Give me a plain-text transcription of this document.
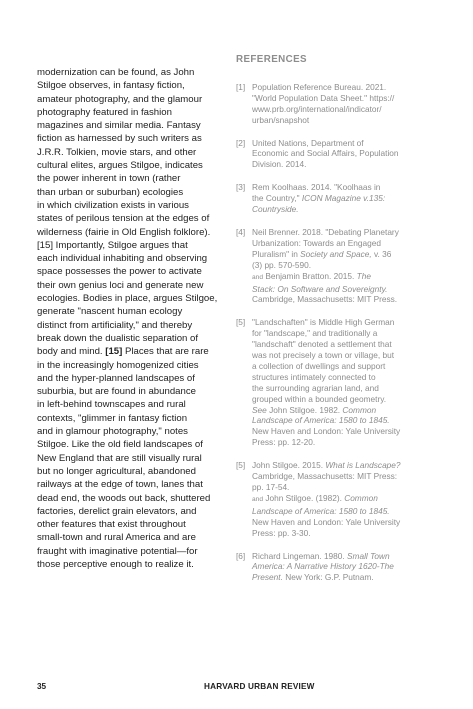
modernization can be found, as John
Stilgoe observes, in fantasy fiction,
amateur photography, and the glamour
photography featured in fashion
magazines and similar media. Fantasy
fiction as harnessed by such writers as
J.R.R. Tolkien, movie stars, and other
cultural elites, argues Stilgoe, indicates
the power inherent in town (rather
than urban or suburban) ecologies
in which civilization exists in various
states of perilous tension at the edges of
wilderness (fairie in Old English folklore).
[15] Importantly, Stilgoe argues that
each individual inhabiting and observing
space possesses the power to activate
their own genius loci and generate new
ecologies. Bodies in place, argues Stilgoe,
generate "nascent human ecology
distinct from artificiality," and thereby
break down the dualistic separation of
body and mind. [15] Places that are rare
in the increasingly homogenized cities
and the hyper-planned landscapes of
suburbia, but are found in abundance
in left-behind townscapes and rural
contexts, "glimmer in fantasy fiction
and in glamour photography," notes
Stilgoe. Like the old field landscapes of
New England that are still visually rural
but no longer agricultural, abandoned
railways at the edge of town, lanes that
dead end, the woods out back, shuttered
factories, derelict grain elevators, and
other features that exist throughout
small-town and rural America and are
fraught with imaginative potential—for
those perceptive enough to realize it.
REFERENCES
[1] Population Reference Bureau. 2021.
"World Population Data Sheet." https://
www.prb.org/international/indicator/
urban/snapshot
[2] United Nations, Department of
Economic and Social Affairs, Population
Division. 2014.
[3] Rem Koolhaas. 2014. "Koolhaas in
the Country," ICON Magazine v.135:
Countryside.
[4] Neil Brenner. 2018. "Debating Planetary
Urbanization: Towards an Engaged
Pluralism" in Society and Space, v. 36
(3) pp. 570-590.
and Benjamin Bratton. 2015. The
Stack: On Software and Sovereignty.
Cambridge, Massachusetts: MIT Press.
[5] "Landschaften" is Middle High German
for "landscape," and traditionally a
"landschaft" denoted a settlement that
was not precisely a town or village, but
a collection of dwellings and support
structures intimately connected to
the surrounding agrarian land, and
grouped within a bounded geometry.
See John Stilgoe. 1982. Common
Landscape of America: 1580 to 1845.
New Haven and London: Yale University
Press: pp. 12-20.
[5] John Stilgoe. 2015. What is Landscape?
Cambridge, Massachusetts: MIT Press:
pp. 17-54.
and John Stilgoe. (1982). Common
Landscape of America: 1580 to 1845.
New Haven and London: Yale University
Press: pp. 3-30.
[6] Richard Lingeman. 1980. Small Town
America: A Narrative History 1620-The
Present. New York: G.P. Putnam.
35	HARVARD URBAN REVIEW
